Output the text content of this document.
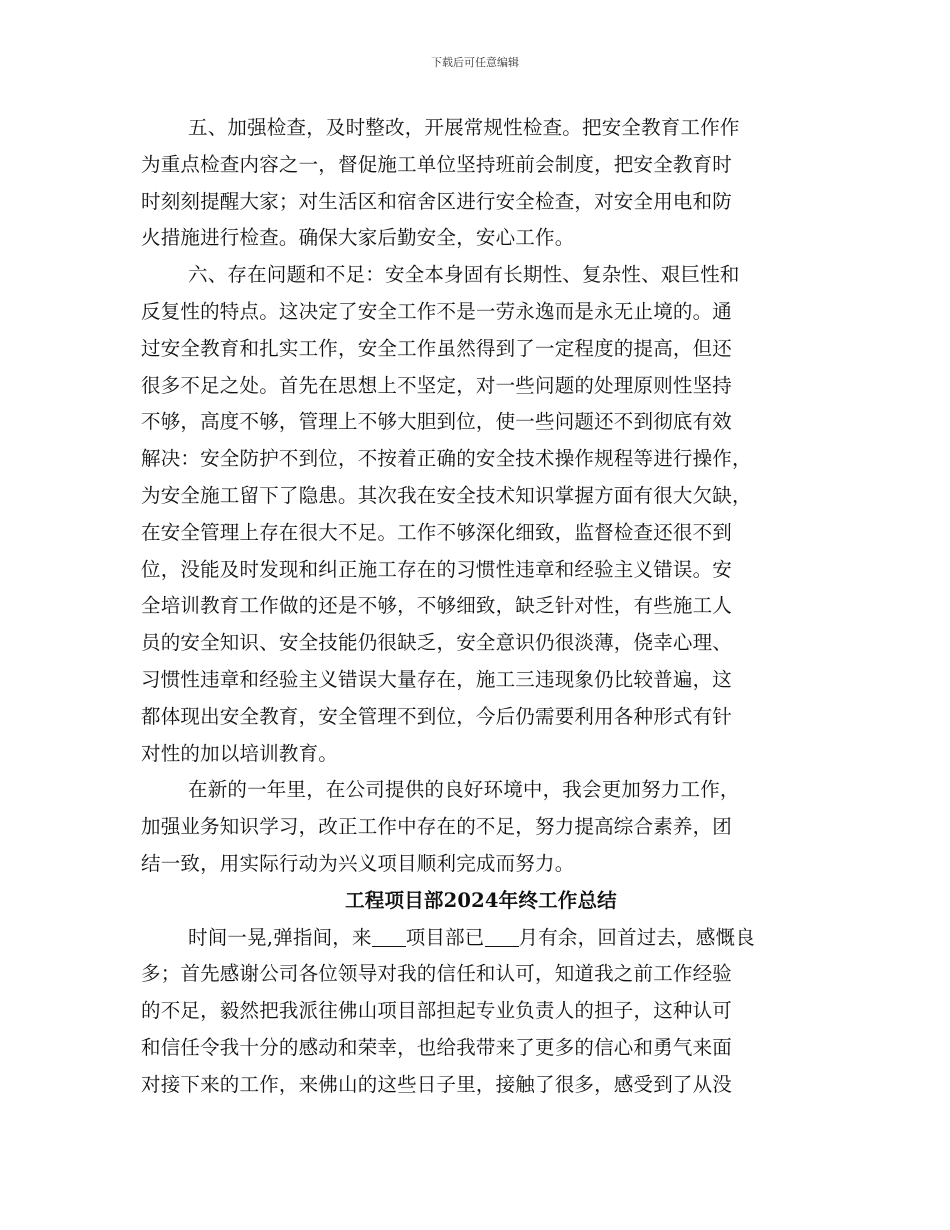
下载后可任意编辑
五、加强检查，及时整改，开展常规性检查。把安全教育工作作
为重点检查内容之一，督促施工单位坚持班前会制度，把安全教育时
时刻刻提醒大家；对生活区和宿舍区进行安全检查，对安全用电和防
火措施进行检查。确保大家后勤安全，安心工作。
六、存在问题和不足：安全本身固有长期性、复杂性、艰巨性和
反复性的特点。这决定了安全工作不是一劳永逸而是永无止境的。通
过安全教育和扎实工作，安全工作虽然得到了一定程度的提高，但还
很多不足之处。首先在思想上不坚定，对一些问题的处理原则性坚持
不够，高度不够，管理上不够大胆到位，使一些问题还不到彻底有效
解决：安全防护不到位，不按着正确的安全技术操作规程等进行操作，
为安全施工留下了隐患。其次我在安全技术知识掌握方面有很大欠缺，
在安全管理上存在很大不足。工作不够深化细致，监督检查还很不到
位，没能及时发现和纠正施工存在的习惯性违章和经验主义错误。安
全培训教育工作做的还是不够，不够细致，缺乏针对性，有些施工人
员的安全知识、安全技能仍很缺乏，安全意识仍很淡薄，侥幸心理、
习惯性违章和经验主义错误大量存在，施工三违现象仍比较普遍，这
都体现出安全教育，安全管理不到位，今后仍需要利用各种形式有针
对性的加以培训教育。
在新的一年里，在公司提供的良好环境中，我会更加努力工作，
加强业务知识学习，改正工作中存在的不足，努力提高综合素养，团
结一致，用实际行动为兴义项目顺利完成而努力。
工程项目部2024年终工作总结
时间一晃,弹指间，来 项目部已 月有余，回首过去，感慨良
多；首先感谢公司各位领导对我的信任和认可，知道我之前工作经验
的不足，毅然把我派往佛山项目部担起专业负责人的担子，这种认可
和信任令我十分的感动和荣幸，也给我带来了更多的信心和勇气来面
对接下来的工作，来佛山的这些日子里，接触了很多，感受到了从没
